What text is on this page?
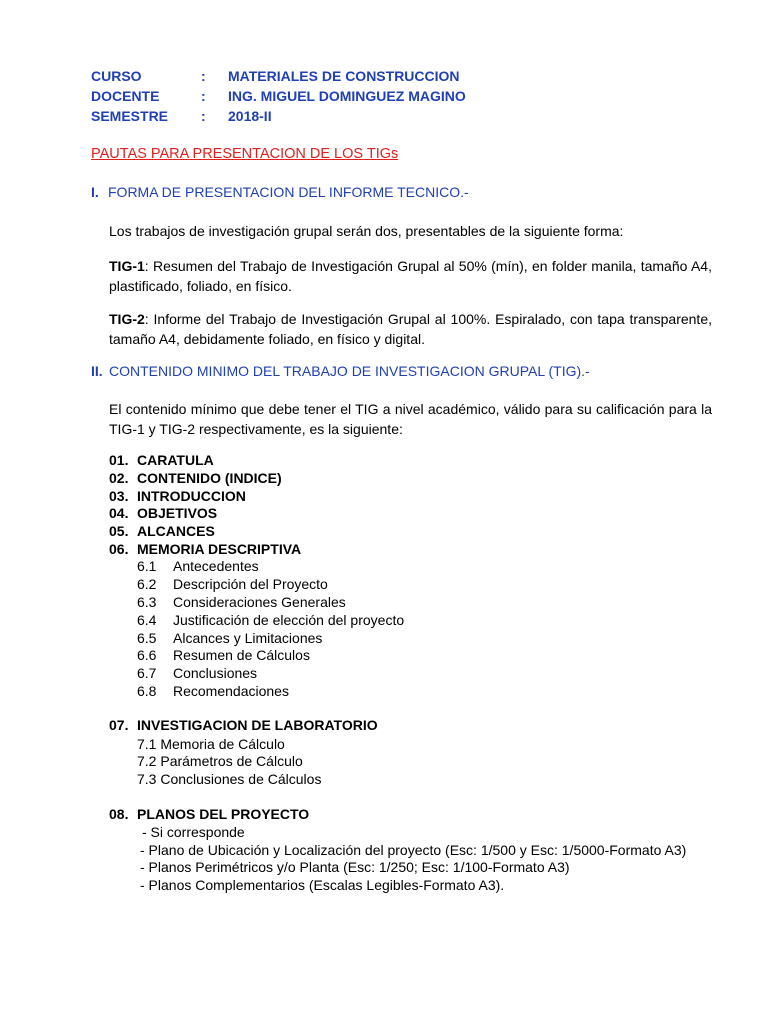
CURSO	: MATERIALES DE CONSTRUCCION
DOCENTE	: ING. MIGUEL DOMINGUEZ MAGINO
SEMESTRE : 2018-II
PAUTAS PARA PRESENTACION DE LOS TIGs
I. FORMA DE PRESENTACION DEL INFORME TECNICO.-
Los trabajos de investigación grupal serán dos, presentables de la siguiente forma:
TIG-1: Resumen del Trabajo de Investigación Grupal al 50% (mín), en folder manila, tamaño A4, plastificado, foliado, en físico.
TIG-2: Informe del Trabajo de Investigación Grupal al 100%. Espiralado, con tapa transparente, tamaño A4, debidamente foliado, en físico y digital.
II. CONTENIDO MINIMO DEL TRABAJO DE INVESTIGACION GRUPAL (TIG).-
El contenido mínimo que debe tener el TIG a nivel académico, válido para su calificación para la TIG-1 y TIG-2 respectivamente, es la siguiente:
01. CARATULA
02. CONTENIDO (INDICE)
03. INTRODUCCION
04. OBJETIVOS
05. ALCANCES
06. MEMORIA DESCRIPTIVA
6.1 Antecedentes
6.2 Descripción del Proyecto
6.3 Consideraciones Generales
6.4 Justificación de elección del proyecto
6.5 Alcances y Limitaciones
6.6 Resumen de Cálculos
6.7 Conclusiones
6.8 Recomendaciones
07. INVESTIGACION DE LABORATORIO
7.1 Memoria de Cálculo
7.2 Parámetros de Cálculo
7.3 Conclusiones de Cálculos
08. PLANOS DEL PROYECTO
- Si corresponde
- Plano de Ubicación y Localización del proyecto (Esc: 1/500 y Esc: 1/5000-Formato A3)
- Planos Perimétricos y/o Planta (Esc: 1/250; Esc: 1/100-Formato A3)
- Planos Complementarios (Escalas Legibles-Formato A3).
